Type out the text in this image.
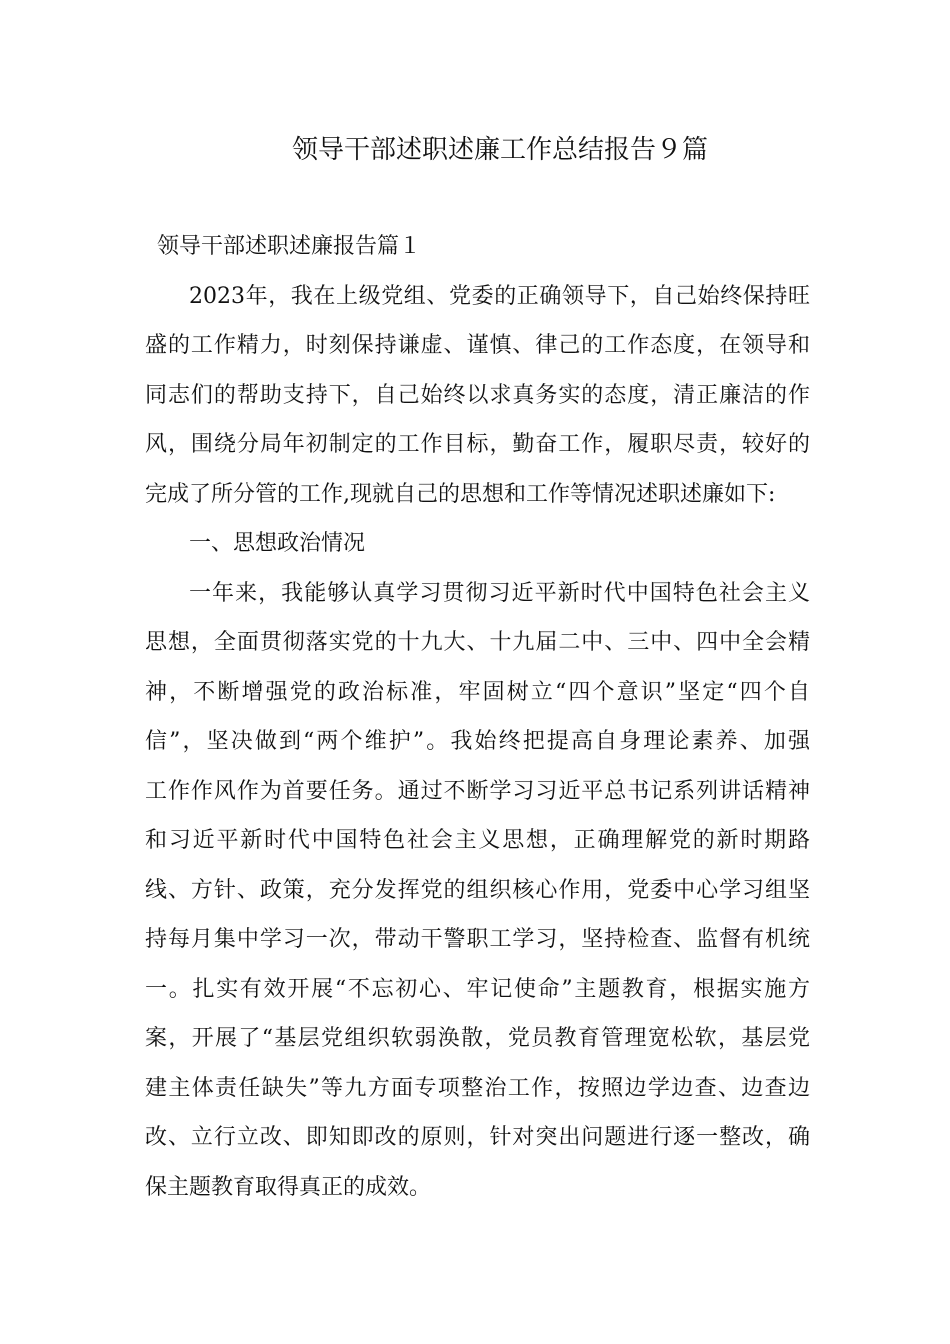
领导干部述职述廉工作总结报告９篇
领导干部述职述廉报告篇１
2023年，我在上级党组、党委的正确领导下，自己始终保持旺
盛的工作精力，时刻保持谦虚、谨慎、律己的工作态度，在领导和
同志们的帮助支持下，自己始终以求真务实的态度，清正廉洁的作
风，围绕分局年初制定的工作目标，勤奋工作，履职尽责，较好的
完成了所分管的工作,现就自己的思想和工作等情况述职述廉如下:
一、思想政治情况
一年来，我能够认真学习贯彻习近平新时代中国特色社会主义
思想，全面贯彻落实党的十九大、十九届二中、三中、四中全会精
神，不断增强党的政治标准，牢固树立“四个意识”坚定“四个自
信”，坚决做到“两个维护”。我始终把提高自身理论素养、加强
工作作风作为首要任务。通过不断学习习近平总书记系列讲话精神
和习近平新时代中国特色社会主义思想，正确理解党的新时期路
线、方针、政策，充分发挥党的组织核心作用，党委中心学习组坚
持每月集中学习一次，带动干警职工学习，坚持检查、监督有机统
一。扎实有效开展“不忘初心、牢记使命”主题教育，根据实施方
案，开展了“基层党组织软弱涣散，党员教育管理宽松软，基层党
建主体责任缺失”等九方面专项整治工作，按照边学边查、边查边
改、立行立改、即知即改的原则，针对突出问题进行逐一整改，确
保主题教育取得真正的成效。
